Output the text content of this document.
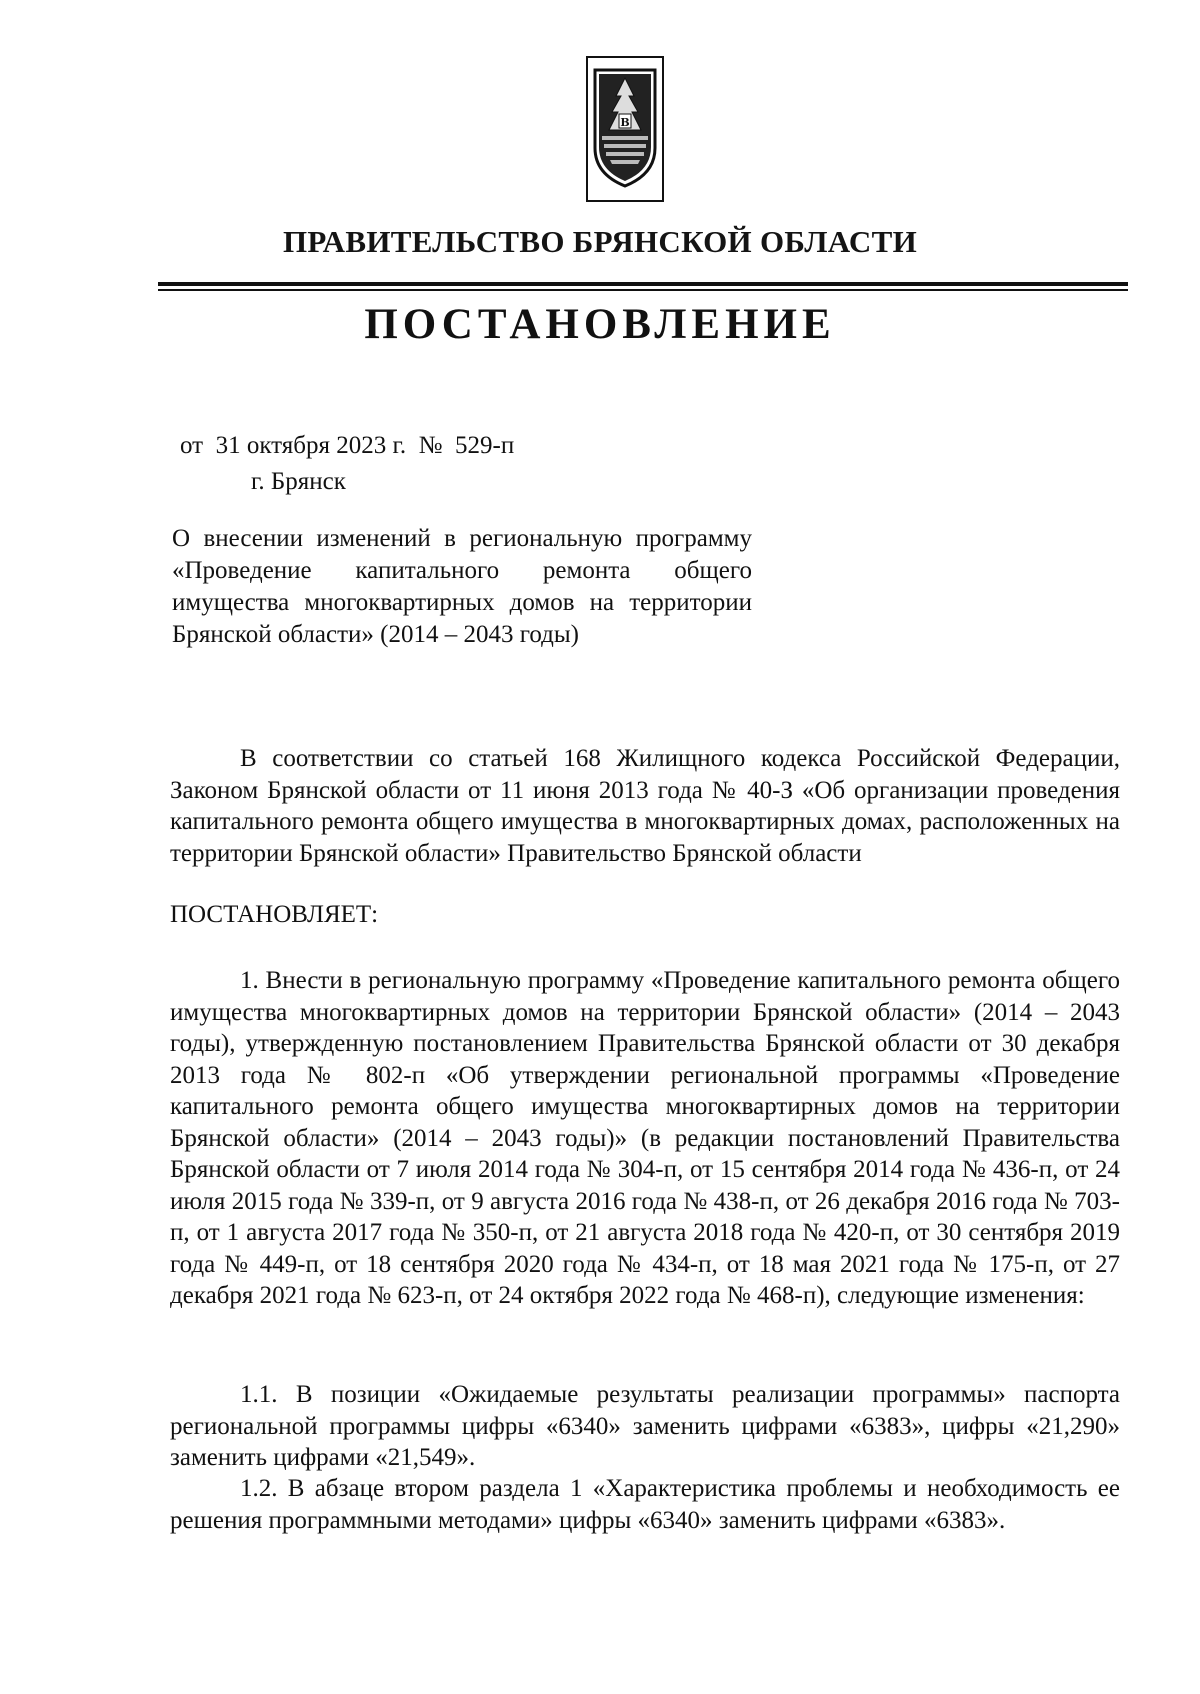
B
ПРАВИТЕЛЬСТВО БРЯНСКОЙ ОБЛАСТИ
ПОСТАНОВЛЕНИЕ
от  31 октября 2023 г.  №  529-п
г. Брянск
О внесении изменений в региональную программу «Проведение капитального ремонта общего имущества многоквартирных домов на территории Брянской области» (2014 – 2043 годы)
В соответствии со статьей 168 Жилищного кодекса Российской Федерации, Законом Брянской области от 11 июня 2013 года № 40-З «Об организации проведения капитального ремонта общего имущества в многоквартирных домах, расположенных на территории Брянской области» Правительство Брянской области
ПОСТАНОВЛЯЕТ:
1. Внести в региональную программу «Проведение капитального ремонта общего имущества многоквартирных домов на территории Брянской области» (2014 – 2043 годы), утвержденную постановлением Правительства Брянской области от 30 декабря 2013 года № 802-п «Об утверждении региональной программы «Проведение капитального ремонта общего имущества многоквартирных домов на территории Брянской области» (2014 – 2043 годы)» (в редакции постановлений Правительства Брянской области от 7 июля 2014 года № 304-п, от 15 сентября 2014 года № 436-п, от 24 июля 2015 года № 339-п, от 9 августа 2016 года № 438-п, от 26 декабря 2016 года № 703-п, от 1 августа 2017 года № 350-п, от 21 августа 2018 года № 420-п, от 30 сентября 2019 года № 449-п, от 18 сентября 2020 года № 434-п, от 18 мая 2021 года № 175-п, от 27 декабря 2021 года № 623-п, от 24 октября 2022 года № 468-п), следующие изменения:
1.1. В позиции «Ожидаемые результаты реализации программы» паспорта региональной программы цифры «6340» заменить цифрами «6383», цифры «21,290» заменить цифрами «21,549».
1.2. В абзаце втором раздела 1 «Характеристика проблемы и необходимость ее решения программными методами» цифры «6340» заменить цифрами «6383».
